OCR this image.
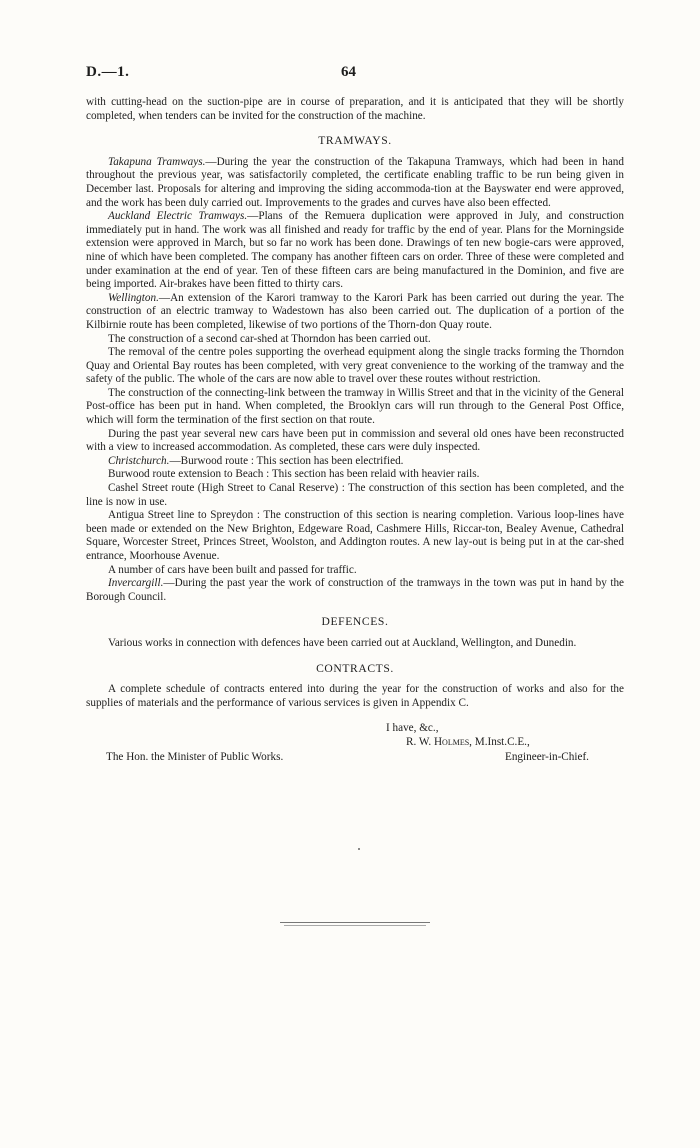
D.—1.	64

with cutting-head on the suction-pipe are in course of preparation, and it is anticipated that they will be shortly completed, when tenders can be invited for the construction of the machine.

TRAMWAYS.

Takapuna Tramways.—During the year the construction of the Takapuna Tramways, which had been in hand throughout the previous year, was satisfactorily completed, the certificate enabling traffic to be run being given in December last. Proposals for altering and improving the siding accommoda-tion at the Bayswater end were approved, and the work has been duly carried out. Improvements to the grades and curves have also been effected.

Auckland Electric Tramways.—Plans of the Remuera duplication were approved in July, and construction immediately put in hand. The work was all finished and ready for traffic by the end of year. Plans for the Morningside extension were approved in March, but so far no work has been done. Drawings of ten new bogie-cars were approved, nine of which have been completed. The company has another fifteen cars on order. Three of these were completed and under examination at the end of year. Ten of these fifteen cars are being manufactured in the Dominion, and five are being imported. Air-brakes have been fitted to thirty cars.

Wellington.—An extension of the Karori tramway to the Karori Park has been carried out during the year. The construction of an electric tramway to Wadestown has also been carried out. The duplication of a portion of the Kilbirnie route has been completed, likewise of two portions of the Thorn-don Quay route.

The construction of a second car-shed at Thorndon has been carried out.

The removal of the centre poles supporting the overhead equipment along the single tracks forming the Thorndon Quay and Oriental Bay routes has been completed, with very great convenience to the working of the tramway and the safety of the public. The whole of the cars are now able to travel over these routes without restriction.

The construction of the connecting-link between the tramway in Willis Street and that in the vicinity of the General Post-office has been put in hand. When completed, the Brooklyn cars will run through to the General Post Office, which will form the termination of the first section on that route.

During the past year several new cars have been put in commission and several old ones have been reconstructed with a view to increased accommodation. As completed, these cars were duly inspected.

Christchurch.—Burwood route : This section has been electrified.

Burwood route extension to Beach : This section has been relaid with heavier rails.

Cashel Street route (High Street to Canal Reserve) : The construction of this section has been completed, and the line is now in use.

Antigua Street line to Spreydon : The construction of this section is nearing completion. Various loop-lines have been made or extended on the New Brighton, Edgeware Road, Cashmere Hills, Riccar-ton, Bealey Avenue, Cathedral Square, Worcester Street, Princes Street, Woolston, and Addington routes. A new lay-out is being put in at the car-shed entrance, Moorhouse Avenue.

A number of cars have been built and passed for traffic.

Invercargill.—During the past year the work of construction of the tramways in the town was put in hand by the Borough Council.

DEFENCES.

Various works in connection with defences have been carried out at Auckland, Wellington, and Dunedin.

CONTRACTS.

A complete schedule of contracts entered into during the year for the construction of works and also for the supplies of materials and the performance of various services is given in Appendix C.

I have, &c.,
R. W. Holmes, M.Inst.C.E.,
The Hon. the Minister of Public Works.	Engineer-in-Chief.
